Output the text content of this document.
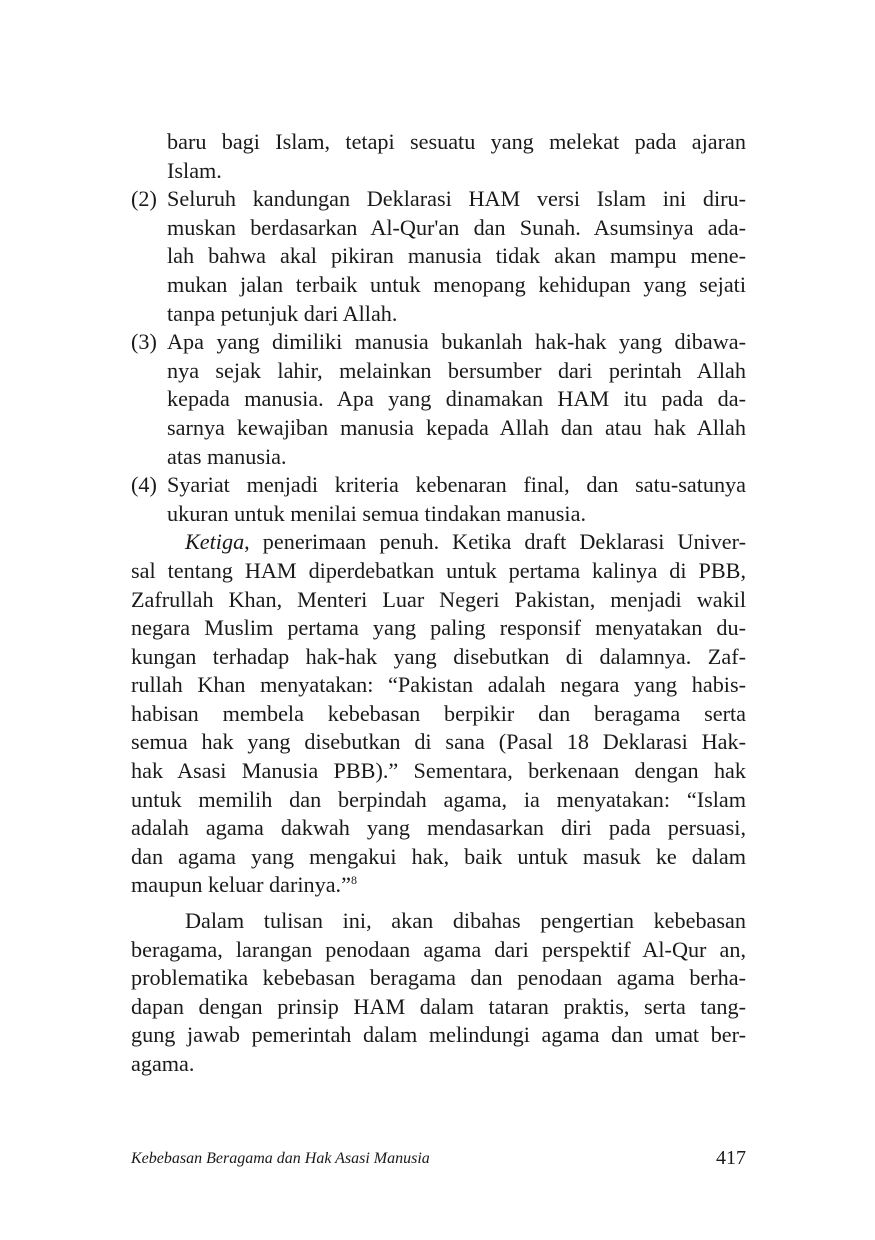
baru bagi Islam, tetapi sesuatu yang melekat pada ajaran
Islam.
(2) Seluruh kandungan Deklarasi HAM versi Islam ini diru-
muskan berdasarkan Al-Qur'an dan Sunah. Asumsinya ada-
lah bahwa akal pikiran manusia tidak akan mampu mene-
mukan jalan terbaik untuk menopang kehidupan yang sejati
tanpa petunjuk dari Allah.
(3) Apa yang dimiliki manusia bukanlah hak-hak yang dibawa-
nya sejak lahir, melainkan bersumber dari perintah Allah
kepada manusia. Apa yang dinamakan HAM itu pada da-
sarnya kewajiban manusia kepada Allah dan atau hak Allah
atas manusia.
(4) Syariat menjadi kriteria kebenaran final, dan satu-satunya
ukuran untuk menilai semua tindakan manusia.
Ketiga, penerimaan penuh. Ketika draft Deklarasi Univer-
sal tentang HAM diperdebatkan untuk pertama kalinya di PBB,
Zafrullah Khan, Menteri Luar Negeri Pakistan, menjadi wakil
negara Muslim pertama yang paling responsif menyatakan du-
kungan terhadap hak-hak yang disebutkan di dalamnya. Zaf-
rullah Khan menyatakan: “Pakistan adalah negara yang habis-
habisan membela kebebasan berpikir dan beragama serta
semua hak yang disebutkan di sana (Pasal 18 Deklarasi Hak-
hak Asasi Manusia PBB).” Sementara, berkenaan dengan hak
untuk memilih dan berpindah agama, ia menyatakan: “Islam
adalah agama dakwah yang mendasarkan diri pada persuasi,
dan agama yang mengakui hak, baik untuk masuk ke dalam
maupun keluar darinya.”$^8$
Dalam tulisan ini, akan dibahas pengertian kebebasan
beragama, larangan penodaan agama dari perspektif Al-Qur an,
problematika kebebasan beragama dan penodaan agama berha-
dapan dengan prinsip HAM dalam tataran praktis, serta tang-
gung jawab pemerintah dalam melindungi agama dan umat ber-
agama.
Kebebasan Beragama dan Hak Asasi Manusia	417
